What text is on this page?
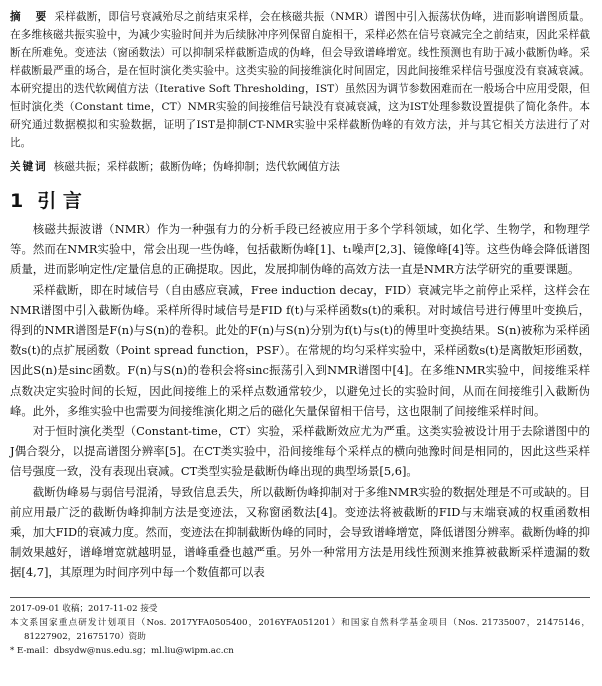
摘　要 采样截断，即信号衰减殆尽之前结束采样，会在核磁共振（NMR）谱图中引入振荡状伪峰，进而影响谱图质量。在多维核磁共振实验中，为减少实验时间并为后续脉冲序列保留自旋相干，采样必然在信号衰减完全之前结束，因此采样截断在所难免。变迹法（窗函数法）可以抑制采样截断造成的伪峰，但会导致谱峰增宽。线性预测也有助于减小截断伪峰。采样截断最严重的场合，是在恒时演化类实验中。这类实验的间接维演化时间固定，因此间接维采样信号强度没有衰减衰减。本研究提出的迭代软阈值方法（Iterative Soft Thresholding，IST）虽然因为调节参数困难而在一般场合中应用受限，但恒时演化类（Constant time，CT）NMR实验的间接维信号缺没有衰减衰减，这为IST处理参数设置提供了简化条件。本研究通过数据模拟和实验数据，证明了IST是抑制CT-NMR实验中采样截断伪峰的有效方法，并与其它相关方法进行了对比。
关键词 核磁共振；采样截断；截断伪峰；伪峰抑制；迭代软阈值方法
1 引 言

核磁共振波谱（NMR）作为一种强有力的分析手段已经被应用于多个学科领域，如化学、生物学，和物理学等。然而在NMR实验中，常会出现一些伪峰，包括截断伪峰[1]、t₁噪声[2,3]、镜像峰[4]等。这些伪峰会降低谱图质量，进而影响定性/定量信息的正确提取。因此，发展抑制伪峰的高效方法一直是NMR方法学研究的重要课题。

采样截断，即在时域信号（自由感应衰减，Free induction decay，FID）衰减完毕之前停止采样，这样会在NMR谱图中引入截断伪峰。采样所得时域信号是FID f(t)与采样函数s(t)的乘积。对时域信号进行傅里叶变换后，得到的NMR谱图是F(n)与S(n)的卷积。此处的F(n)与S(n)分别为f(t)与s(t)的傅里叶变换结果。S(n)被称为采样函数s(t)的点扩展函数（Point spread function，PSF）。在常规的均匀采样实验中，采样函数s(t)是离散矩形函数，因此S(n)是sinc函数。F(n)与S(n)的卷积会将sinc振荡引入到NMR谱图中[4]。在多维NMR实验中，间接维采样点数决定实验时间的长短，因此间接维上的采样点数通常较少，以避免过长的实验时间，从而在间接维引入截断伪峰。此外，多维实验中也需要为间接维演化期之后的磁化矢量保留相干信号，这也限制了间接维采样时间。

对于恒时演化类型（Constant-time，CT）实验，采样截断效应尤为严重。这类实验被设计用于去除谱图中的J偶合裂分，以提高谱图分辨率[5]。在CT类实验中，沿间接维每个采样点的横向弛豫时间是相同的，因此这些采样信号强度一致，没有表现出衰减。CT类型实验是截断伪峰出现的典型场景[5,6]。

截断伪峰易与弱信号混淆，导致信息丢失，所以截断伪峰抑制对于多维NMR实验的数据处理是不可或缺的。目前应用最广泛的截断伪峰抑制方法是变迹法，又称窗函数法[4]。变迹法将被截断的FID与末端衰减的权重函数相乘，加大FID的衰减力度。然而，变迹法在抑制截断伪峰的同时，会导致谱峰增宽，降低谱图分辨率。截断伪峰的抑制效果越好，谱峰增宽就越明显，谱峰重叠也越严重。另外一种常用方法是用线性预测来推算被截断采样遗漏的数据[4,7]，其原理为时间序列中每一个数值都可以表

2017-09-01 收稿；2017-11-02 接受
本文系国家重点研发计划项目（Nos. 2017YFA0505400，2016YFA051201）和国家自然科学基金项目（Nos. 21735007，21475146，81227902，21675170）资助
* E-mail：dbsydw@nus.edu.sg；ml.liu@wipm.ac.cn
